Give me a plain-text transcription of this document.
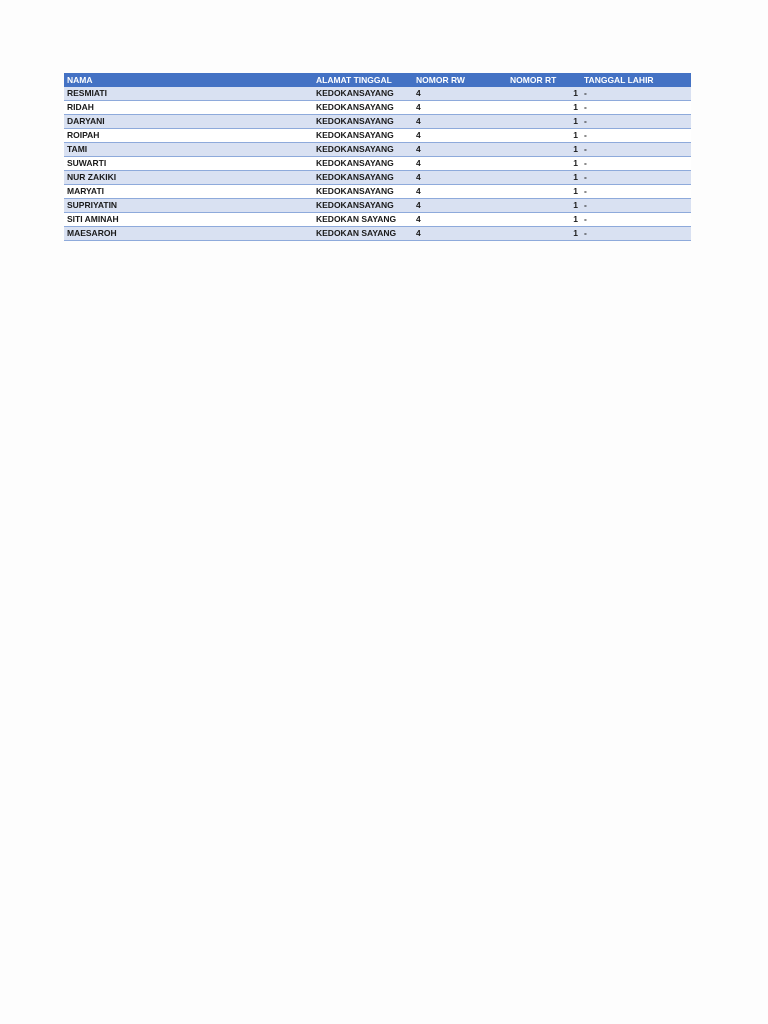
NAMA	ALAMAT TINGGAL	NOMOR RW	NOMOR RT	TANGGAL LAHIR
RESMIATI	KEDOKANSAYANG	4	1	-
RIDAH	KEDOKANSAYANG	4	1	-
DARYANI	KEDOKANSAYANG	4	1	-
ROIPAH	KEDOKANSAYANG	4	1	-
TAMI	KEDOKANSAYANG	4	1	-
SUWARTI	KEDOKANSAYANG	4	1	-
NUR ZAKIKI	KEDOKANSAYANG	4	1	-
MARYATI	KEDOKANSAYANG	4	1	-
SUPRIYATIN	KEDOKANSAYANG	4	1	-
SITI AMINAH	KEDOKAN SAYANG	4	1	-
MAESAROH	KEDOKAN SAYANG	4	1	-
